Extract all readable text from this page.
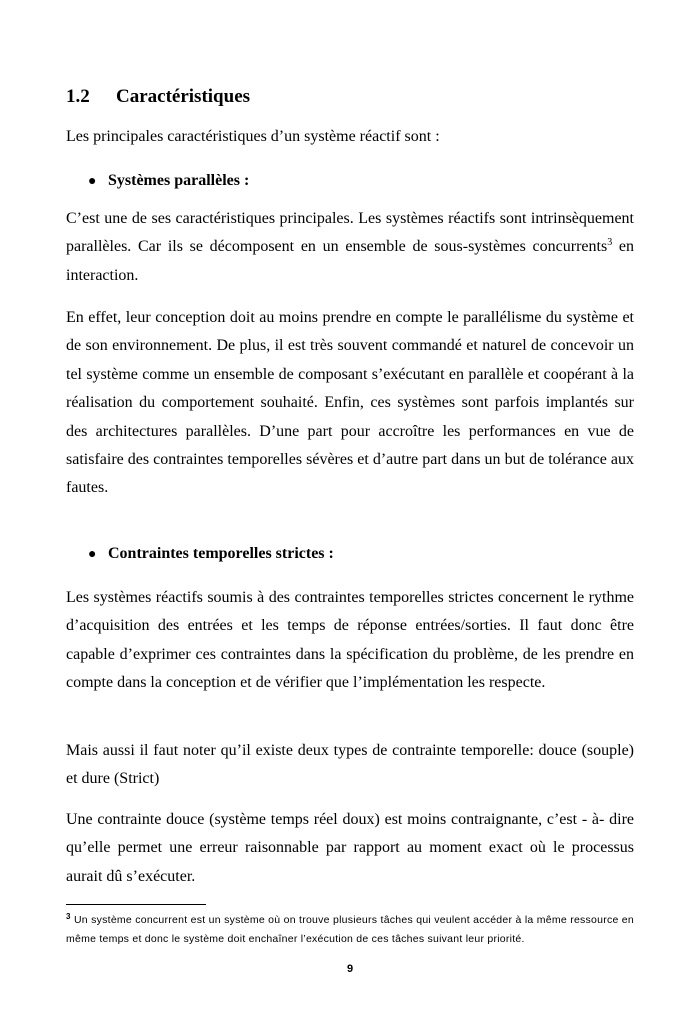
1.2 Caractéristiques
Les principales caractéristiques d’un système réactif sont :
● Systèmes parallèles :

C’est une de ses caractéristiques principales. Les systèmes réactifs sont intrinsèquement parallèles. Car ils se décomposent en un ensemble de sous-systèmes concurrents$^3$ en interaction.

En effet, leur conception doit au moins prendre en compte le parallélisme du système et de son environnement. De plus, il est très souvent commandé et naturel de concevoir un tel système comme un ensemble de composant s’exécutant en parallèle et coopérant à la réalisation du comportement souhaité. Enfin, ces systèmes sont parfois implantés sur des architectures parallèles. D’une part pour accroître les performances en vue de satisfaire des contraintes temporelles sévères et d’autre part dans un but de tolérance aux fautes.

● Contraintes temporelles strictes :

Les systèmes réactifs soumis à des contraintes temporelles strictes concernent le rythme d’acquisition des entrées et les temps de réponse entrées/sorties. Il faut donc être capable d’exprimer ces contraintes dans la spécification du problème, de les prendre en compte dans la conception et de vérifier que l’implémentation les respecte.

Mais aussi il faut noter qu’il existe deux types de contrainte temporelle: douce (souple) et dure (Strict)

Une contrainte douce (système temps réel doux) est moins contraignante, c’est - à- dire qu’elle permet une erreur raisonnable par rapport au moment exact où le processus aurait dû s’exécuter.

$^3$ Un système concurrent est un système où on trouve plusieurs tâches qui veulent accéder à la même ressource en même temps et donc le système doit enchaîner l’exécution de ces tâches suivant leur priorité.

9
